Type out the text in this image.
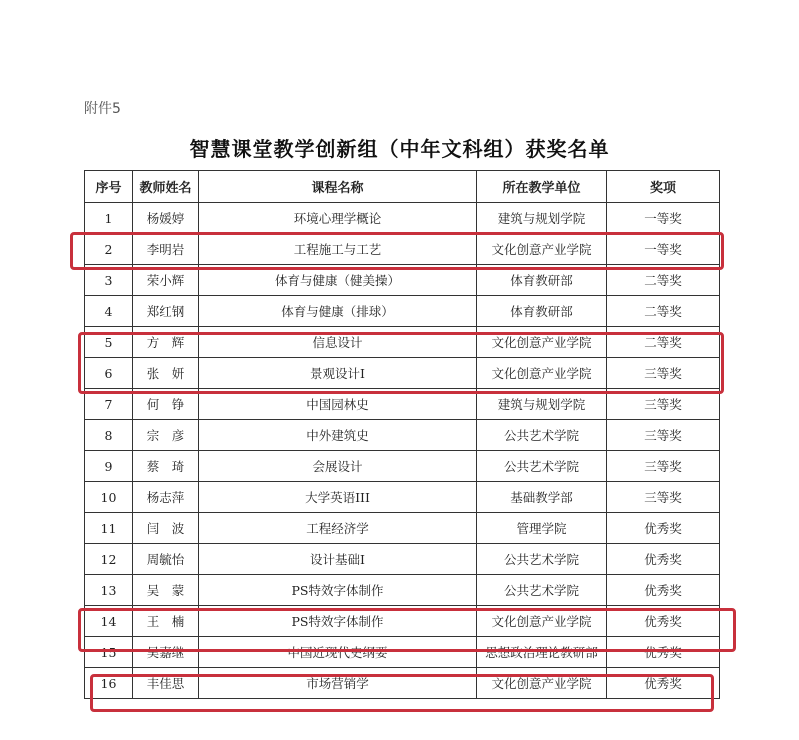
附件5
智慧课堂教学创新组（中年文科组）获奖名单
序号	教师姓名	课程名称	所在教学单位	奖项
1	杨媛婷	环境心理学概论	建筑与规划学院	一等奖
2	李明岩	工程施工与工艺	文化创意产业学院	一等奖
3	荣小辉	体育与健康（健美操）	体育教研部	二等奖
4	郑红钢	体育与健康（排球）	体育教研部	二等奖
5	方　辉	信息设计	文化创意产业学院	二等奖
6	张　妍	景观设计Ⅰ	文化创意产业学院	三等奖
7	何　铮	中国园林史	建筑与规划学院	三等奖
8	宗　彦	中外建筑史	公共艺术学院	三等奖
9	蔡　琦	会展设计	公共艺术学院	三等奖
10	杨志萍	大学英语III	基础教学部	三等奖
11	闫　波	工程经济学	管理学院	优秀奖
12	周毓怡	设计基础Ⅰ	公共艺术学院	优秀奖
13	吴　蒙	PS特效字体制作	公共艺术学院	优秀奖
14	王　楠	PS特效字体制作	文化创意产业学院	优秀奖
15	吴嘉继	中国近现代史纲要	思想政治理论教研部	优秀奖
16	丰佳思	市场营销学	文化创意产业学院	优秀奖
